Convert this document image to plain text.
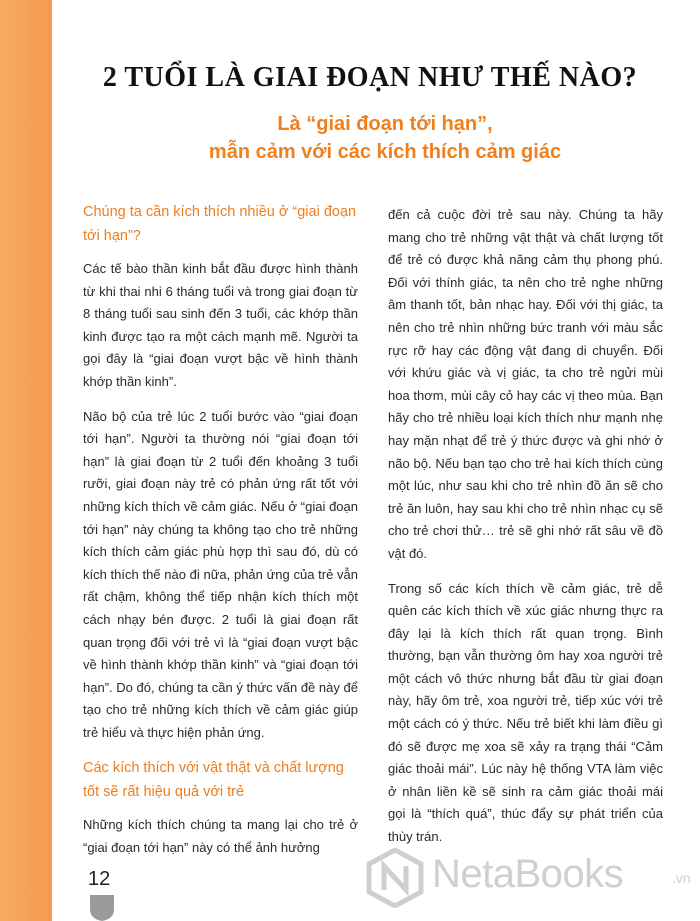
2 TUỔI LÀ GIAI ĐOẠN NHƯ THẾ NÀO?
Là “giai đoạn tới hạn”,
mẫn cảm với các kích thích cảm giác
Chúng ta cần kích thích nhiều ở “giai đoạn tới hạn”?

Các tế bào thần kinh bắt đầu được hình thành từ khi thai nhi 6 tháng tuổi và trong giai đoạn từ 8 tháng tuổi sau sinh đến 3 tuổi, các khớp thần kinh được tạo ra một cách mạnh mẽ. Người ta gọi đây là “giai đoạn vượt bậc về hình thành khớp thần kinh”.

Não bộ của trẻ lúc 2 tuổi bước vào “giai đoạn tới hạn”. Người ta thường nói “giai đoạn tới hạn” là giai đoạn từ 2 tuổi đến khoảng 3 tuổi rưỡi, giai đoạn này trẻ có phản ứng rất tốt với những kích thích về cảm giác. Nếu ở “giai đoạn tới hạn” này chúng ta không tạo cho trẻ những kích thích cảm giác phù hợp thì sau đó, dù có kích thích thế nào đi nữa, phản ứng của trẻ vẫn rất chậm, không thể tiếp nhận kích thích một cách nhạy bén được. 2 tuổi là giai đoạn rất quan trọng đối với trẻ vì là “giai đoạn vượt bậc về hình thành khớp thần kinh” và “giai đoạn tới hạn”. Do đó, chúng ta cần ý thức vấn đề này để tạo cho trẻ những kích thích về cảm giác giúp trẻ hiểu và thực hiện phản ứng.

Các kích thích với vật thật và chất lượng tốt sẽ rất hiệu quả với trẻ

Những kích thích chúng ta mang lại cho trẻ ở “giai đoạn tới hạn” này có thể ảnh hưởng

đến cả cuộc đời trẻ sau này. Chúng ta hãy mang cho trẻ những vật thật và chất lượng tốt để trẻ có được khả năng cảm thụ phong phú. Đối với thính giác, ta nên cho trẻ nghe những âm thanh tốt, bản nhạc hay. Đối với thị giác, ta nên cho trẻ nhìn những bức tranh với màu sắc rực rỡ hay các động vật đang di chuyển. Đối với khứu giác và vị giác, ta cho trẻ ngửi mùi hoa thơm, mùi cây cỏ hay các vị theo mùa. Bạn hãy cho trẻ nhiều loại kích thích như mạnh nhẹ hay mặn nhạt để trẻ ý thức được và ghi nhớ ở não bộ. Nếu bạn tạo cho trẻ hai kích thích cùng một lúc, như sau khi cho trẻ nhìn đồ ăn sẽ cho trẻ ăn luôn, hay sau khi cho trẻ nhìn nhạc cụ sẽ cho trẻ chơi thử… trẻ sẽ ghi nhớ rất sâu về đồ vật đó.

Trong số các kích thích về cảm giác, trẻ dễ quên các kích thích về xúc giác nhưng thực ra đây lại là kích thích rất quan trọng. Bình thường, bạn vẫn thường ôm hay xoa người trẻ một cách vô thức nhưng bắt đầu từ giai đoạn này, hãy ôm trẻ, xoa người trẻ, tiếp xúc với trẻ một cách có ý thức. Nếu trẻ biết khi làm điều gì đó sẽ được mẹ xoa sẽ xảy ra trạng thái “Cảm giác thoải mái”. Lúc này hệ thống VTA làm việc ở nhân liền kề sẽ sinh ra cảm giác thoải mái gọi là “thích quá”, thúc đẩy sự phát triển của thùy trán.

12	NetaBooks	.vn
